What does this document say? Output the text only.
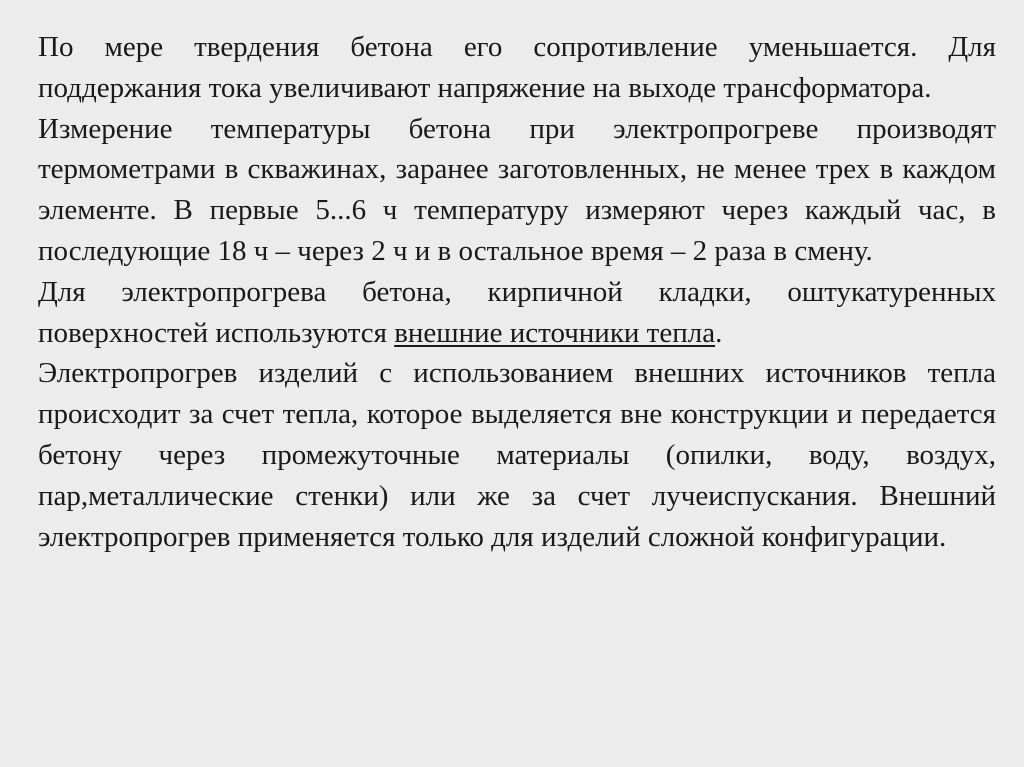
По мере твердения бетона его сопротивление уменьшается. Для поддержания тока увеличивают напряжение на выходе трансформатора.

Измерение температуры бетона при электропрогреве производят термометрами в скважинах, заранее заготовленных, не менее трех в каждом элементе. В первые 5...6 ч температуру измеряют через каждый час, в последующие 18 ч – через 2 ч и в остальное время – 2 раза в смену.

Для электропрогрева бетона, кирпичной кладки, оштукатуренных поверхностей используются внешние источники тепла.

Электропрогрев изделий с использованием внешних источников тепла происходит за счет тепла, которое выделяется вне конструкции и передается бетону через промежуточные материалы (опилки, воду, воздух, пар,металлические стенки) или же за счет лучеиспускания. Внешний электропрогрев применяется только для изделий сложной конфигурации.
